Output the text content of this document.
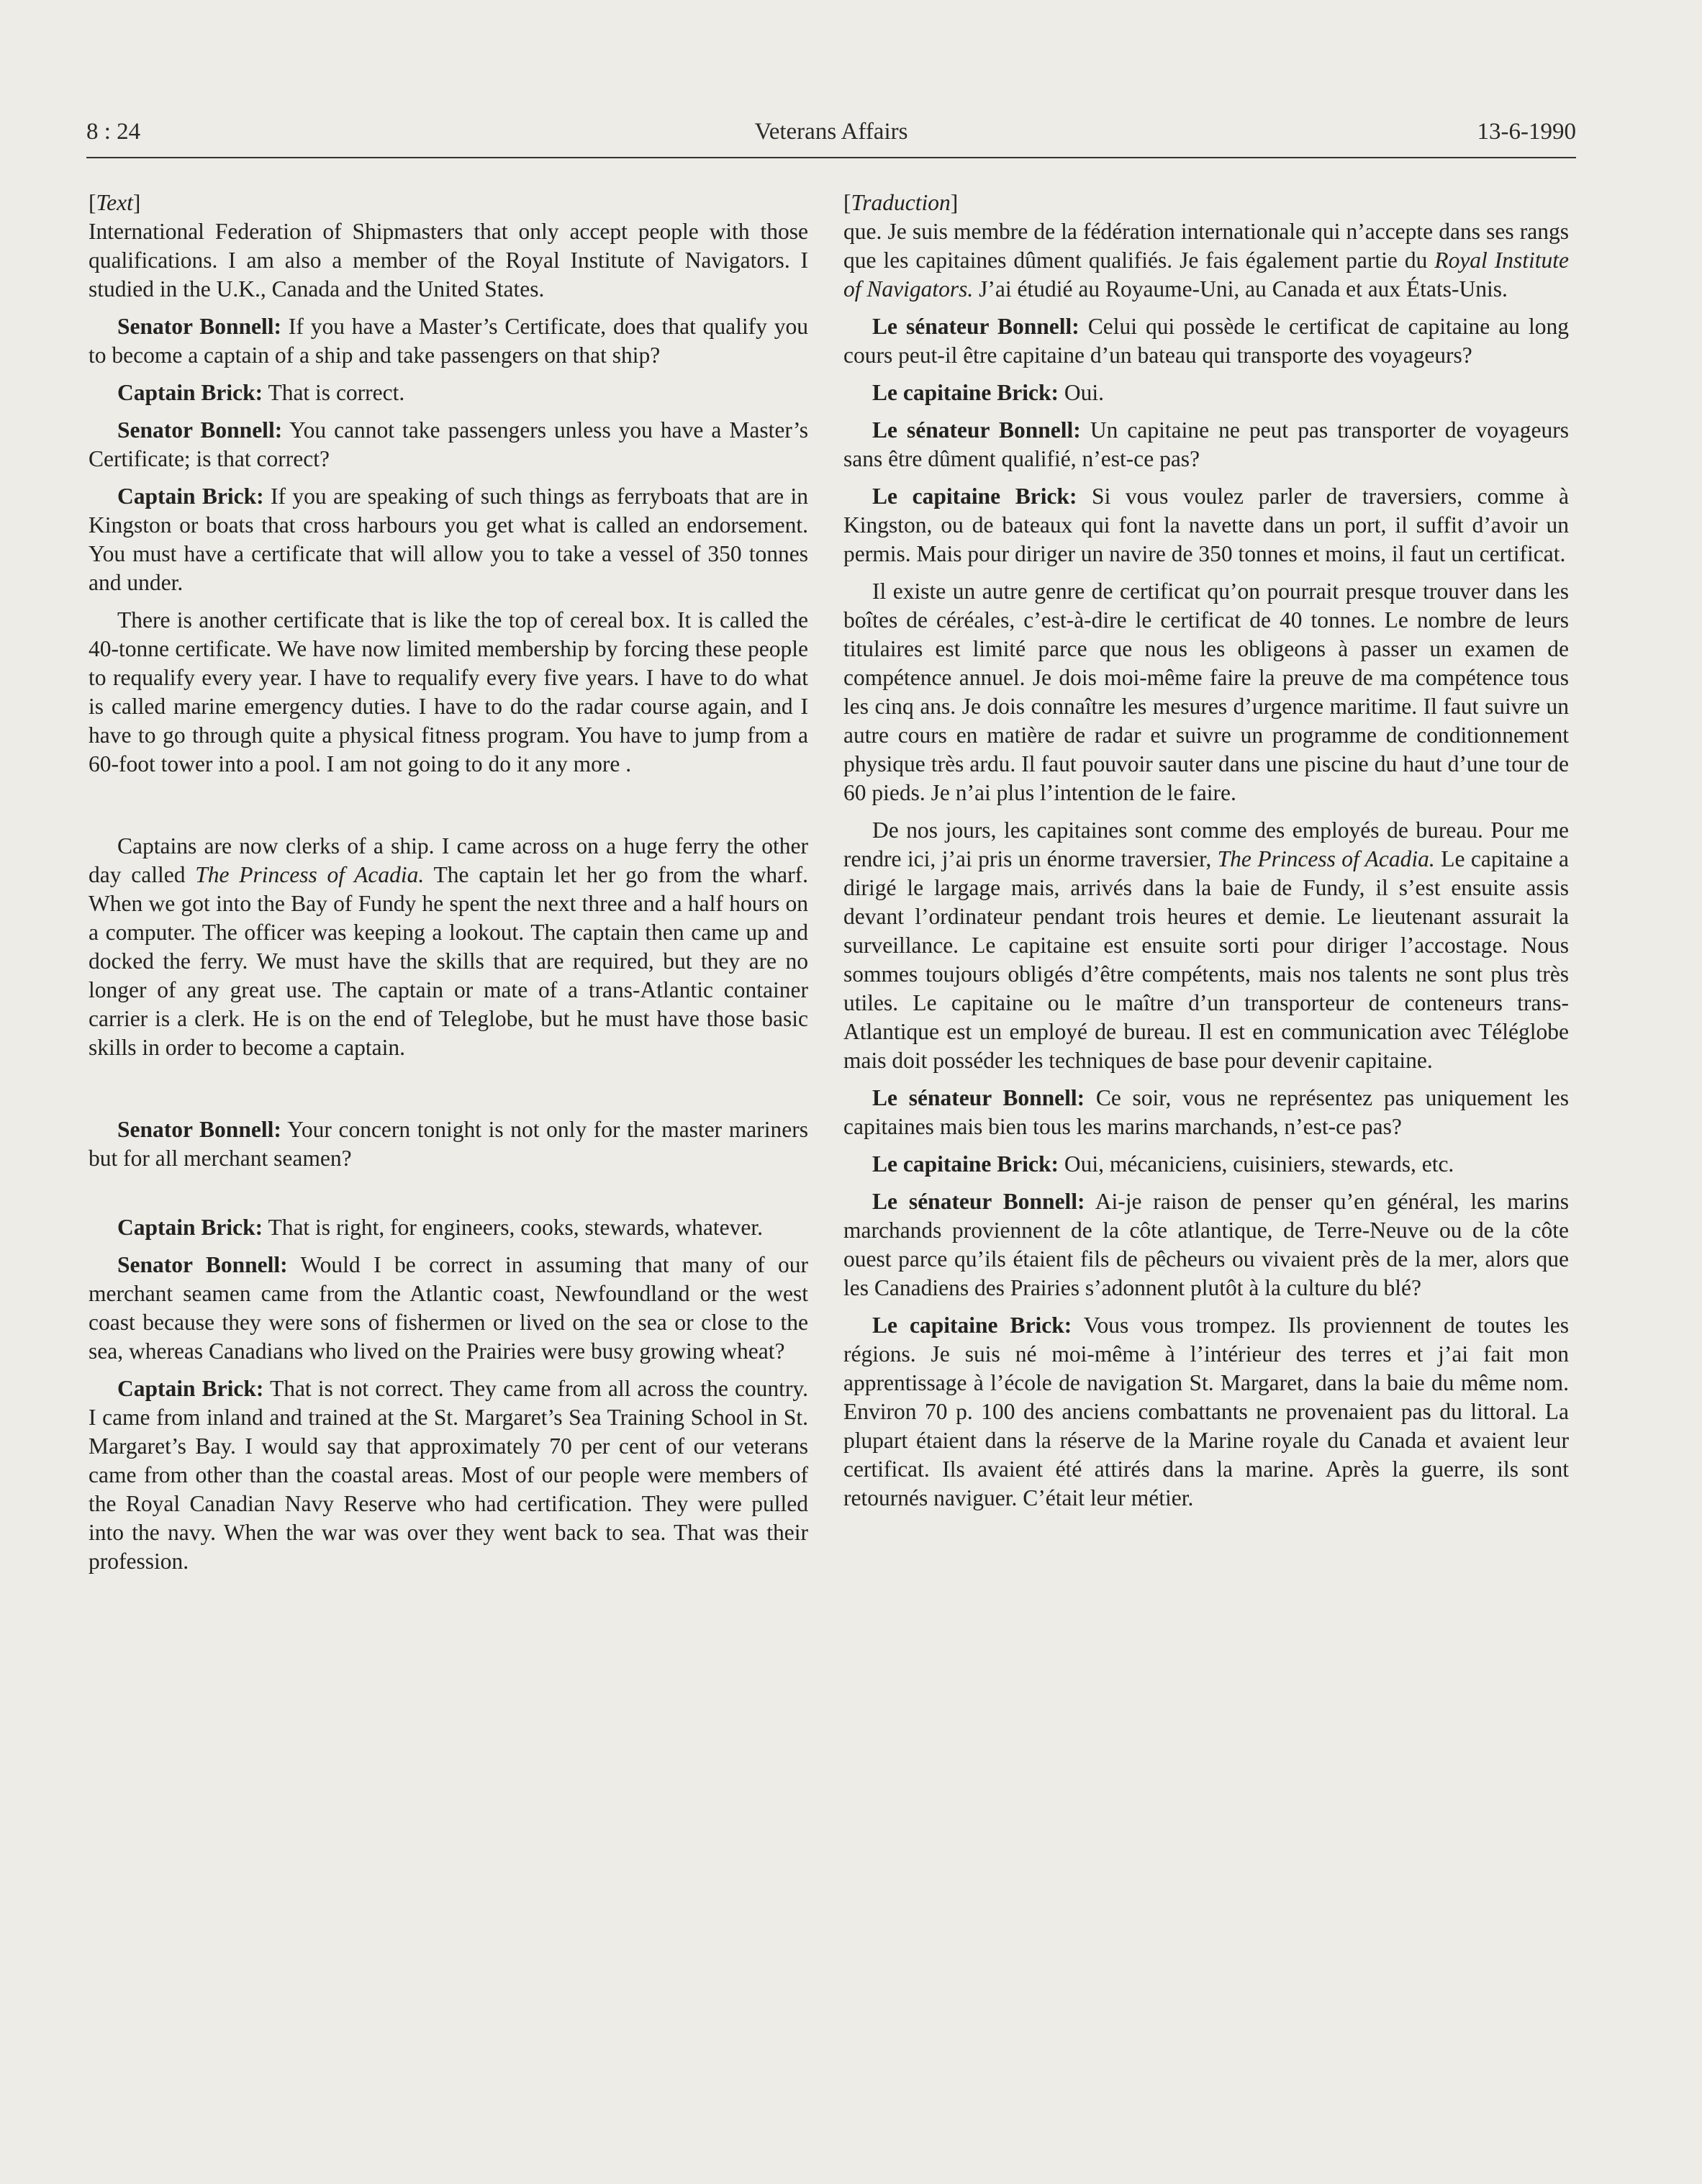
8 : 24	Veterans Affairs	13-6-1990
[Text]

International Federation of Shipmasters that only accept people with those qualifications. I am also a member of the Royal Institute of Navigators. I studied in the U.K., Canada and the United States.

Senator Bonnell: If you have a Master’s Certificate, does that qualify you to become a captain of a ship and take passengers on that ship?

Captain Brick: That is correct.

Senator Bonnell: You cannot take passengers unless you have a Master’s Certificate; is that correct?

Captain Brick: If you are speaking of such things as ferryboats that are in Kingston or boats that cross harbours you get what is called an endorsement. You must have a certificate that will allow you to take a vessel of 350 tonnes and under.

There is another certificate that is like the top of cereal box. It is called the 40-tonne certificate. We have now limited membership by forcing these people to requalify every year. I have to requalify every five years. I have to do what is called marine emergency duties. I have to do the radar course again, and I have to go through quite a physical fitness program. You have to jump from a 60-foot tower into a pool. I am not going to do it any more .

Captains are now clerks of a ship. I came across on a huge ferry the other day called The Princess of Acadia. The captain let her go from the wharf. When we got into the Bay of Fundy he spent the next three and a half hours on a computer. The officer was keeping a lookout. The captain then came up and docked the ferry. We must have the skills that are required, but they are no longer of any great use. The captain or mate of a trans-Atlantic container carrier is a clerk. He is on the end of Teleglobe, but he must have those basic skills in order to become a captain.

Senator Bonnell: Your concern tonight is not only for the master mariners but for all merchant seamen?

Captain Brick: That is right, for engineers, cooks, stewards, whatever.

Senator Bonnell: Would I be correct in assuming that many of our merchant seamen came from the Atlantic coast, Newfoundland or the west coast because they were sons of fishermen or lived on the sea or close to the sea, whereas Canadians who lived on the Prairies were busy growing wheat?

Captain Brick: That is not correct. They came from all across the country. I came from inland and trained at the St. Margaret’s Sea Training School in St. Margaret’s Bay. I would say that approximately 70 per cent of our veterans came from other than the coastal areas. Most of our people were members of the Royal Canadian Navy Reserve who had certification. They were pulled into the navy. When the war was over they went back to sea. That was their profession.

[Traduction]

que. Je suis membre de la fédération internationale qui n’accepte dans ses rangs que les capitaines dûment qualifiés. Je fais également partie du Royal Institute of Navigators. J’ai étudié au Royaume-Uni, au Canada et aux États-Unis.

Le sénateur Bonnell: Celui qui possède le certificat de capitaine au long cours peut-il être capitaine d’un bateau qui transporte des voyageurs?

Le capitaine Brick: Oui.

Le sénateur Bonnell: Un capitaine ne peut pas transporter de voyageurs sans être dûment qualifié, n’est-ce pas?

Le capitaine Brick: Si vous voulez parler de traversiers, comme à Kingston, ou de bateaux qui font la navette dans un port, il suffit d’avoir un permis. Mais pour diriger un navire de 350 tonnes et moins, il faut un certificat.

Il existe un autre genre de certificat qu’on pourrait presque trouver dans les boîtes de céréales, c’est-à-dire le certificat de 40 tonnes. Le nombre de leurs titulaires est limité parce que nous les obligeons à passer un examen de compétence annuel. Je dois moi-même faire la preuve de ma compétence tous les cinq ans. Je dois connaître les mesures d’urgence maritime. Il faut suivre un autre cours en matière de radar et suivre un programme de conditionnement physique très ardu. Il faut pouvoir sauter dans une piscine du haut d’une tour de 60 pieds. Je n’ai plus l’intention de le faire.

De nos jours, les capitaines sont comme des employés de bureau. Pour me rendre ici, j’ai pris un énorme traversier, The Princess of Acadia. Le capitaine a dirigé le largage mais, arrivés dans la baie de Fundy, il s’est ensuite assis devant l’ordinateur pendant trois heures et demie. Le lieutenant assurait la surveillance. Le capitaine est ensuite sorti pour diriger l’accostage. Nous sommes toujours obligés d’être compétents, mais nos talents ne sont plus très utiles. Le capitaine ou le maître d’un transporteur de conteneurs trans-Atlantique est un employé de bureau. Il est en communication avec Téléglobe mais doit posséder les techniques de base pour devenir capitaine.

Le sénateur Bonnell: Ce soir, vous ne représentez pas uniquement les capitaines mais bien tous les marins marchands, n’est-ce pas?

Le capitaine Brick: Oui, mécaniciens, cuisiniers, stewards, etc.

Le sénateur Bonnell: Ai-je raison de penser qu’en général, les marins marchands proviennent de la côte atlantique, de Terre-Neuve ou de la côte ouest parce qu’ils étaient fils de pêcheurs ou vivaient près de la mer, alors que les Canadiens des Prairies s’adonnent plutôt à la culture du blé?

Le capitaine Brick: Vous vous trompez. Ils proviennent de toutes les régions. Je suis né moi-même à l’intérieur des terres et j’ai fait mon apprentissage à l’école de navigation St. Margaret, dans la baie du même nom. Environ 70 p. 100 des anciens combattants ne provenaient pas du littoral. La plupart étaient dans la réserve de la Marine royale du Canada et avaient leur certificat. Ils avaient été attirés dans la marine. Après la guerre, ils sont retournés naviguer. C’était leur métier.
